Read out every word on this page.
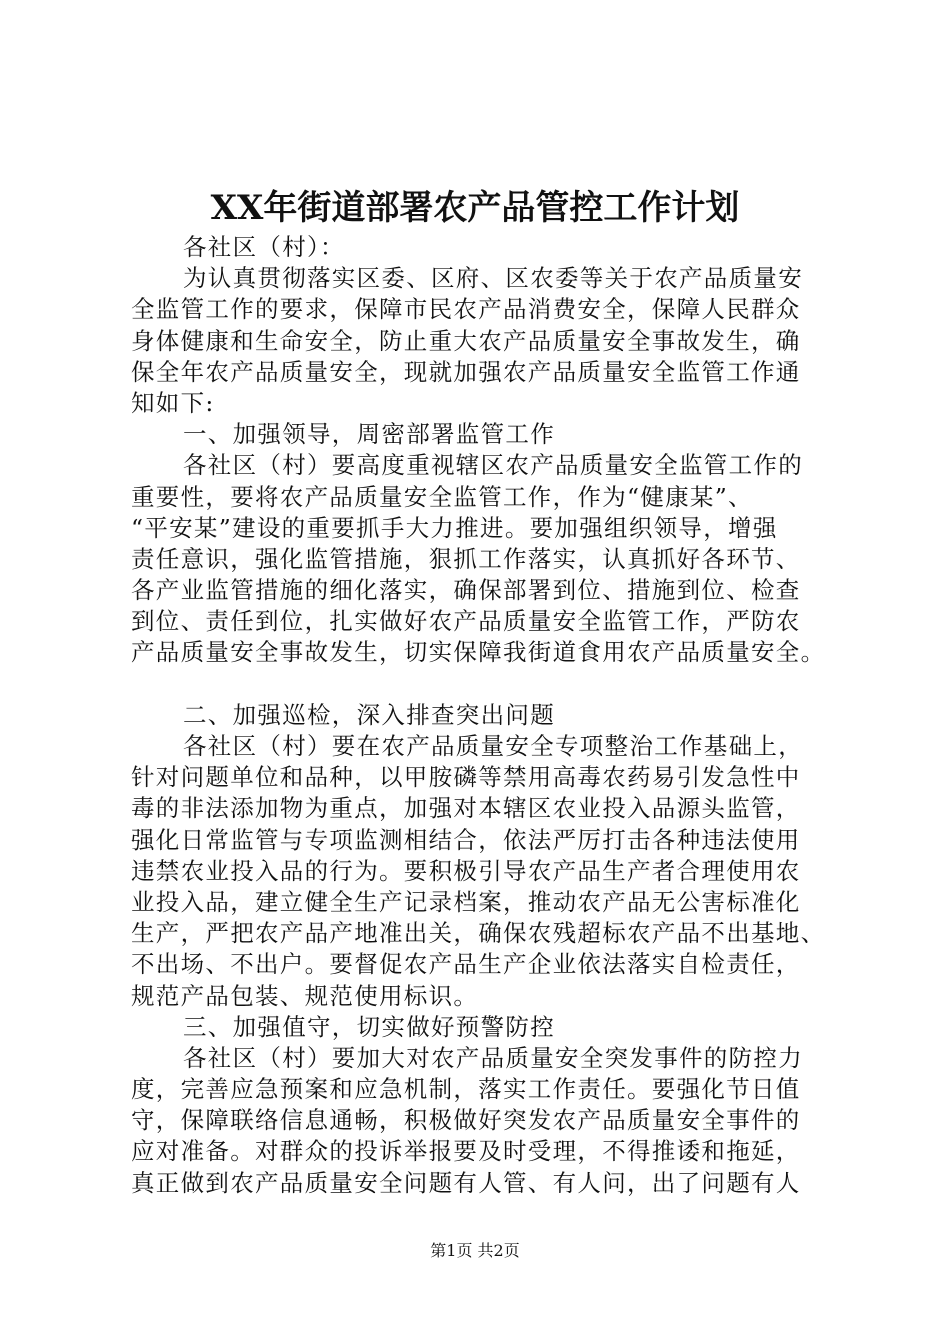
XX年街道部署农产品管控工作计划
各社区（村）：
为认真贯彻落实区委、区府、区农委等关于农产品质量安
全监管工作的要求，保障市民农产品消费安全，保障人民群众
身体健康和生命安全，防止重大农产品质量安全事故发生，确
保全年农产品质量安全，现就加强农产品质量安全监管工作通
知如下:
一、加强领导，周密部署监管工作
各社区（村）要高度重视辖区农产品质量安全监管工作的
重要性，要将农产品质量安全监管工作，作为“健康某”、
“平安某”建设的重要抓手大力推进。要加强组织领导，增强
责任意识，强化监管措施，狠抓工作落实，认真抓好各环节、
各产业监管措施的细化落实，确保部署到位、措施到位、检查
到位、责任到位，扎实做好农产品质量安全监管工作，严防农
产品质量安全事故发生，切实保障我街道食用农产品质量安全。
二、加强巡检，深入排查突出问题
各社区（村）要在农产品质量安全专项整治工作基础上，
针对问题单位和品种，以甲胺磷等禁用高毒农药易引发急性中
毒的非法添加物为重点，加强对本辖区农业投入品源头监管，
强化日常监管与专项监测相结合，依法严厉打击各种违法使用
违禁农业投入品的行为。要积极引导农产品生产者合理使用农
业投入品，建立健全生产记录档案，推动农产品无公害标准化
生产，严把农产品产地准出关，确保农残超标农产品不出基地、
不出场、不出户。要督促农产品生产企业依法落实自检责任，
规范产品包装、规范使用标识。
三、加强值守，切实做好预警防控
各社区（村）要加大对农产品质量安全突发事件的防控力
度，完善应急预案和应急机制，落实工作责任。要强化节日值
守，保障联络信息通畅，积极做好突发农产品质量安全事件的
应对准备。对群众的投诉举报要及时受理，不得推诿和拖延，
真正做到农产品质量安全问题有人管、有人问，出了问题有人
第1页 共2页
